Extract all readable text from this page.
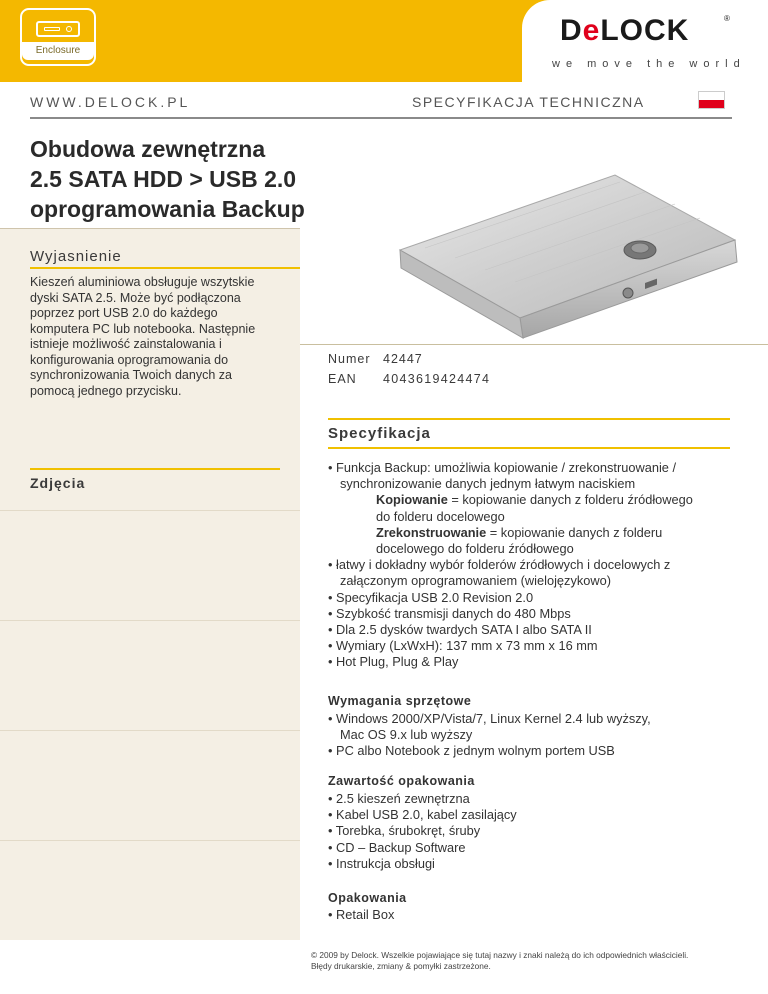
Enclosure
DeLOCK	®
we move the world
WWW.DELOCK.PL	SPECYFIKACJA TECHNICZNA
Obudowa zewnętrzna
2.5 SATA HDD > USB 2.0
oprogramowania Backup
Wyjasnienie
Kieszeń aluminiowa obsługuje wszytskie
dyski SATA 2.5. Może być podłączona
poprzez port USB 2.0 do każdego
komputera PC lub notebooka. Następnie
istnieje możliwość zainstalowania i
konfigurowania oprogramowania do
synchronizowania Twoich danych za
pomocą jednego przycisku.
Zdjęcia
Numer 42447
EAN 4043619424474
Specyfikacja
• Funkcja Backup: umożliwia kopiowanie / zrekonstruowanie /
synchronizowanie danych jednym łatwym naciskiem
Kopiowanie = kopiowanie danych z folderu źródłowego
do folderu docelowego
Zrekonstruowanie = kopiowanie danych z folderu
docelowego do folderu źródłowego
• łatwy i dokładny wybór folderów źródłowych i docelowych z
załączonym oprogramowaniem (wielojęzykowo)
• Specyfikacja USB 2.0 Revision 2.0
• Szybkość transmisji danych do 480 Mbps
• Dla 2.5 dysków twardych SATA I albo SATA II
• Wymiary (LxWxH): 137 mm x 73 mm x 16 mm
• Hot Plug, Plug & Play
Wymagania sprzętowe
• Windows 2000/XP/Vista/7, Linux Kernel 2.4 lub wyższy,
Mac OS 9.x lub wyższy
• PC albo Notebook z jednym wolnym portem USB
Zawartość opakowania
• 2.5 kieszeń zewnętrzna
• Kabel USB 2.0, kabel zasilający
• Torebka, śrubokręt, śruby
• CD – Backup Software
• Instrukcja obsługi
Opakowania
• Retail Box
© 2009 by Delock. Wszelkie pojawiające się tutaj nazwy i znaki należą do ich odpowiednich właścicieli.
Błędy drukarskie, zmiany & pomyłki zastrzeżone.
